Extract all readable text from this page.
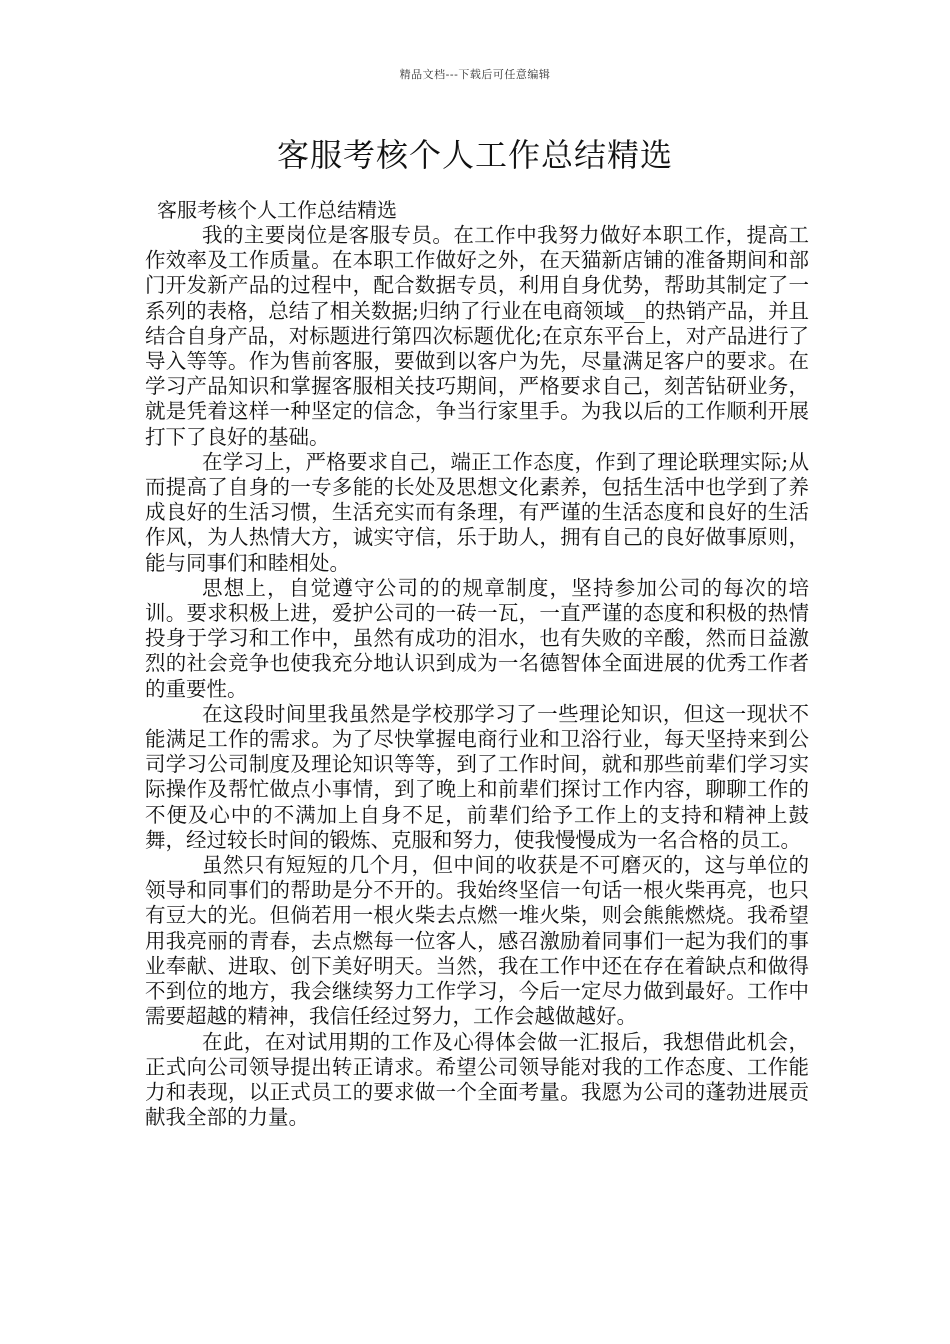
精品文档---下载后可任意编辑
客服考核个人工作总结精选

客服考核个人工作总结精选

我的主要岗位是客服专员。在工作中我努力做好本职工作，提高工作效率及工作质量。在本职工作做好之外，在天猫新店铺的准备期间和部门开发新产品的过程中，配合数据专员，利用自身优势，帮助其制定了一系列的表格，总结了相关数据;归纳了行业在电商领域__的热销产品，并且结合自身产品，对标题进行第四次标题优化;在京东平台上，对产品进行了导入等等。作为售前客服，要做到以客户为先，尽量满足客户的要求。在学习产品知识和掌握客服相关技巧期间，严格要求自己，刻苦钻研业务，就是凭着这样一种坚定的信念，争当行家里手。为我以后的工作顺利开展打下了良好的基础。

在学习上，严格要求自己，端正工作态度，作到了理论联理实际;从而提高了自身的一专多能的长处及思想文化素养，包括生活中也学到了养成良好的生活习惯，生活充实而有条理，有严谨的生活态度和良好的生活作风，为人热情大方，诚实守信，乐于助人，拥有自己的良好做事原则，能与同事们和睦相处。

思想上，自觉遵守公司的的规章制度，坚持参加公司的每次的培训。要求积极上进，爱护公司的一砖一瓦，一直严谨的态度和积极的热情投身于学习和工作中，虽然有成功的泪水，也有失败的辛酸，然而日益激烈的社会竞争也使我充分地认识到成为一名德智体全面进展的优秀工作者的重要性。

在这段时间里我虽然是学校那学习了一些理论知识，但这一现状不能满足工作的需求。为了尽快掌握电商行业和卫浴行业，每天坚持来到公司学习公司制度及理论知识等等，到了工作时间，就和那些前辈们学习实际操作及帮忙做点小事情，到了晚上和前辈们探讨工作内容，聊聊工作的不便及心中的不满加上自身不足，前辈们给予工作上的支持和精神上鼓舞，经过较长时间的锻炼、克服和努力，使我慢慢成为一名合格的员工。

虽然只有短短的几个月，但中间的收获是不可磨灭的，这与单位的领导和同事们的帮助是分不开的。我始终坚信一句话一根火柴再亮，也只有豆大的光。但倘若用一根火柴去点燃一堆火柴，则会熊熊燃烧。我希望用我亮丽的青春，去点燃每一位客人，感召激励着同事们一起为我们的事业奉献、进取、创下美好明天。当然，我在工作中还在存在着缺点和做得不到位的地方，我会继续努力工作学习，今后一定尽力做到最好。工作中需要超越的精神，我信任经过努力，工作会越做越好。

在此，在对试用期的工作及心得体会做一汇报后，我想借此机会，正式向公司领导提出转正请求。希望公司领导能对我的工作态度、工作能力和表现，以正式员工的要求做一个全面考量。我愿为公司的蓬勃进展贡献我全部的力量。
